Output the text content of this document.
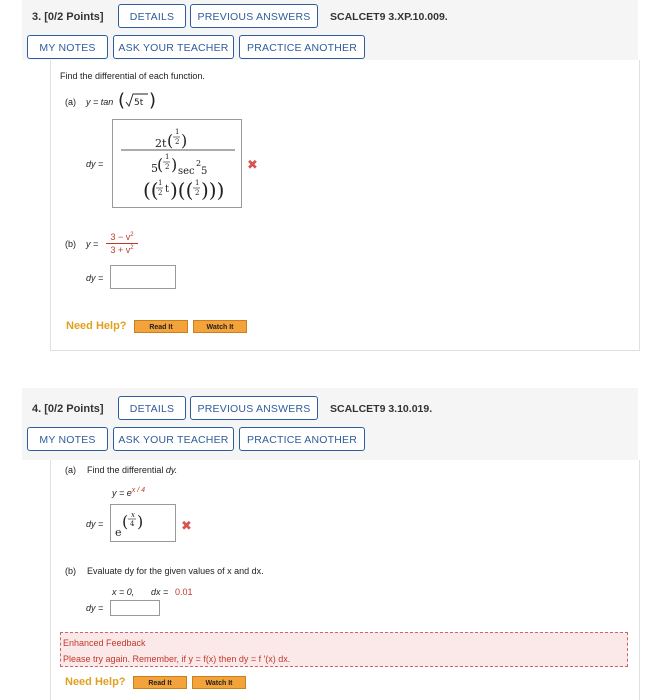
3. [0/2 Points]	DETAILS	PREVIOUS ANSWERS	SCALCET9 3.XP.10.009.
MY NOTES	ASK YOUR TEACHER	PRACTICE ANOTHER
Find the differential of each function.
(a) y = tan ( 5t )
dy =
2t ( 1
2 )
5 ( 1
2 ) sec
2
5
(( 1
2 t )(( 1
2 )))
✖
(b) y =
$3 - v^2$
$3 + v^2$
dy =
Need Help?	Read It	Watch It
4. [0/2 Points]	DETAILS	PREVIOUS ANSWERS	SCALCET9 3.10.019.
MY NOTES	ASK YOUR TEACHER	PRACTICE ANOTHER
(a) Find the differential dy.
$y = e^{x / 4}$
dy =
e
( x
4 )	✖
(b) Evaluate dy for the given values of x and dx.
x = 0, dx = 0.01
dy =
Enhanced Feedback
Please try again. Remember, if y = f(x) then dy = f ′(x) dx.
Need Help?	Read It	Watch It
